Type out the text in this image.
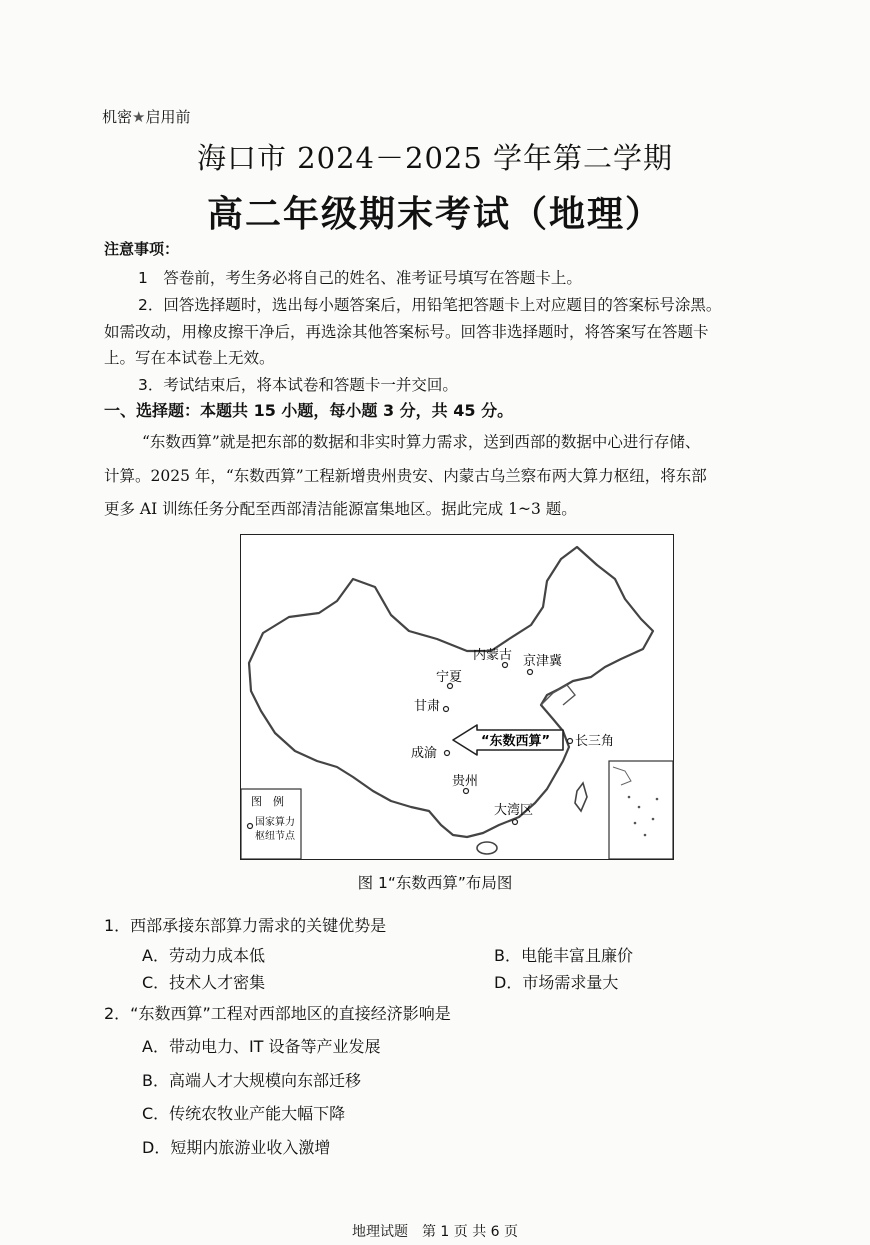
机密★启用前
海口市 2024－2025 学年第二学期
高二年级期末考试（地理）
注意事项：
1　答卷前，考生务必将自己的姓名、准考证号填写在答题卡上。
2．回答选择题时，选出每小题答案后，用铅笔把答题卡上对应题目的答案标号涂黑。
如需改动，用橡皮擦干净后，再选涂其他答案标号。回答非选择题时，将答案写在答题卡
上。写在本试卷上无效。
3．考试结束后，将本试卷和答题卡一并交回。
一、选择题：本题共 15 小题，每小题 3 分，共 45 分。
“东数西算”就是把东部的数据和非实时算力需求，送到西部的数据中心进行存储、
计算。2025 年，“东数西算”工程新增贵州贵安、内蒙古乌兰察布两大算力枢纽，将东部
更多 AI 训练任务分配至西部清洁能源富集地区。据此完成 1~3 题。
内蒙古 京津冀
宁夏
甘肃
成渝
贵州
大湾区
长三角
“东数西算”
图　例
国家算力
枢纽节点
图 1“东数西算”布局图
1．西部承接东部算力需求的关键优势是
A．劳动力成本低	B．电能丰富且廉价
C．技术人才密集	D．市场需求量大
2．“东数西算”工程对西部地区的直接经济影响是
A．带动电力、IT 设备等产业发展
B．高端人才大规模向东部迁移
C．传统农牧业产能大幅下降
D．短期内旅游业收入激增
地理试题　第 1 页 共 6 页
